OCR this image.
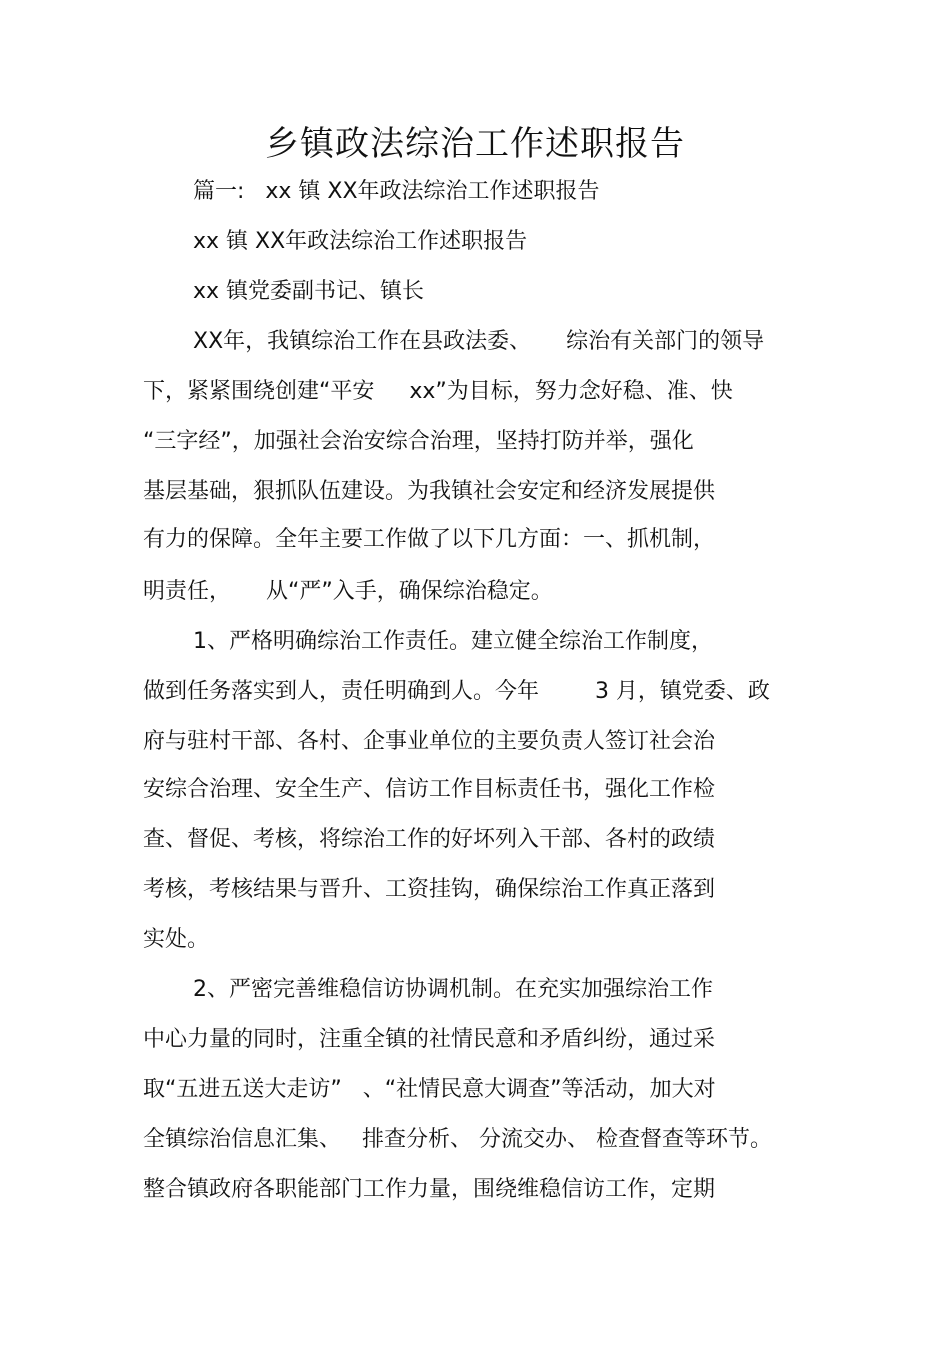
乡镇政法综治工作述职报告
篇一:   xx 镇 XX年政法综治工作述职报告
xx 镇 XX年政法综治工作述职报告
xx 镇党委副书记、镇长
XX年，我镇综治工作在县政法委、     综治有关部门的领导
下，紧紧围绕创建“平安     xx”为目标，努力念好稳、准、快
“三字经”，加强社会治安综合治理，坚持打防并举，强化
基层基础，狠抓队伍建设。为我镇社会安定和经济发展提供
有力的保障。全年主要工作做了以下几方面：一、抓机制，
明责任，     从“严”入手，确保综治稳定。
1、严格明确综治工作责任。建立健全综治工作制度，
做到任务落实到人，责任明确到人。今年        3 月，镇党委、政
府与驻村干部、各村、企事业单位的主要负责人签订社会治
安综合治理、安全生产、信访工作目标责任书，强化工作检
查、督促、考核，将综治工作的好坏列入干部、各村的政绩
考核，考核结果与晋升、工资挂钩，确保综治工作真正落到
实处。
2、严密完善维稳信访协调机制。在充实加强综治工作
中心力量的同时，注重全镇的社情民意和矛盾纠纷，通过采
取“五进五送大走访”   、“社情民意大调查”等活动，加大对
全镇综治信息汇集、   排查分析、 分流交办、 检查督查等环节。
整合镇政府各职能部门工作力量，围绕维稳信访工作，定期
